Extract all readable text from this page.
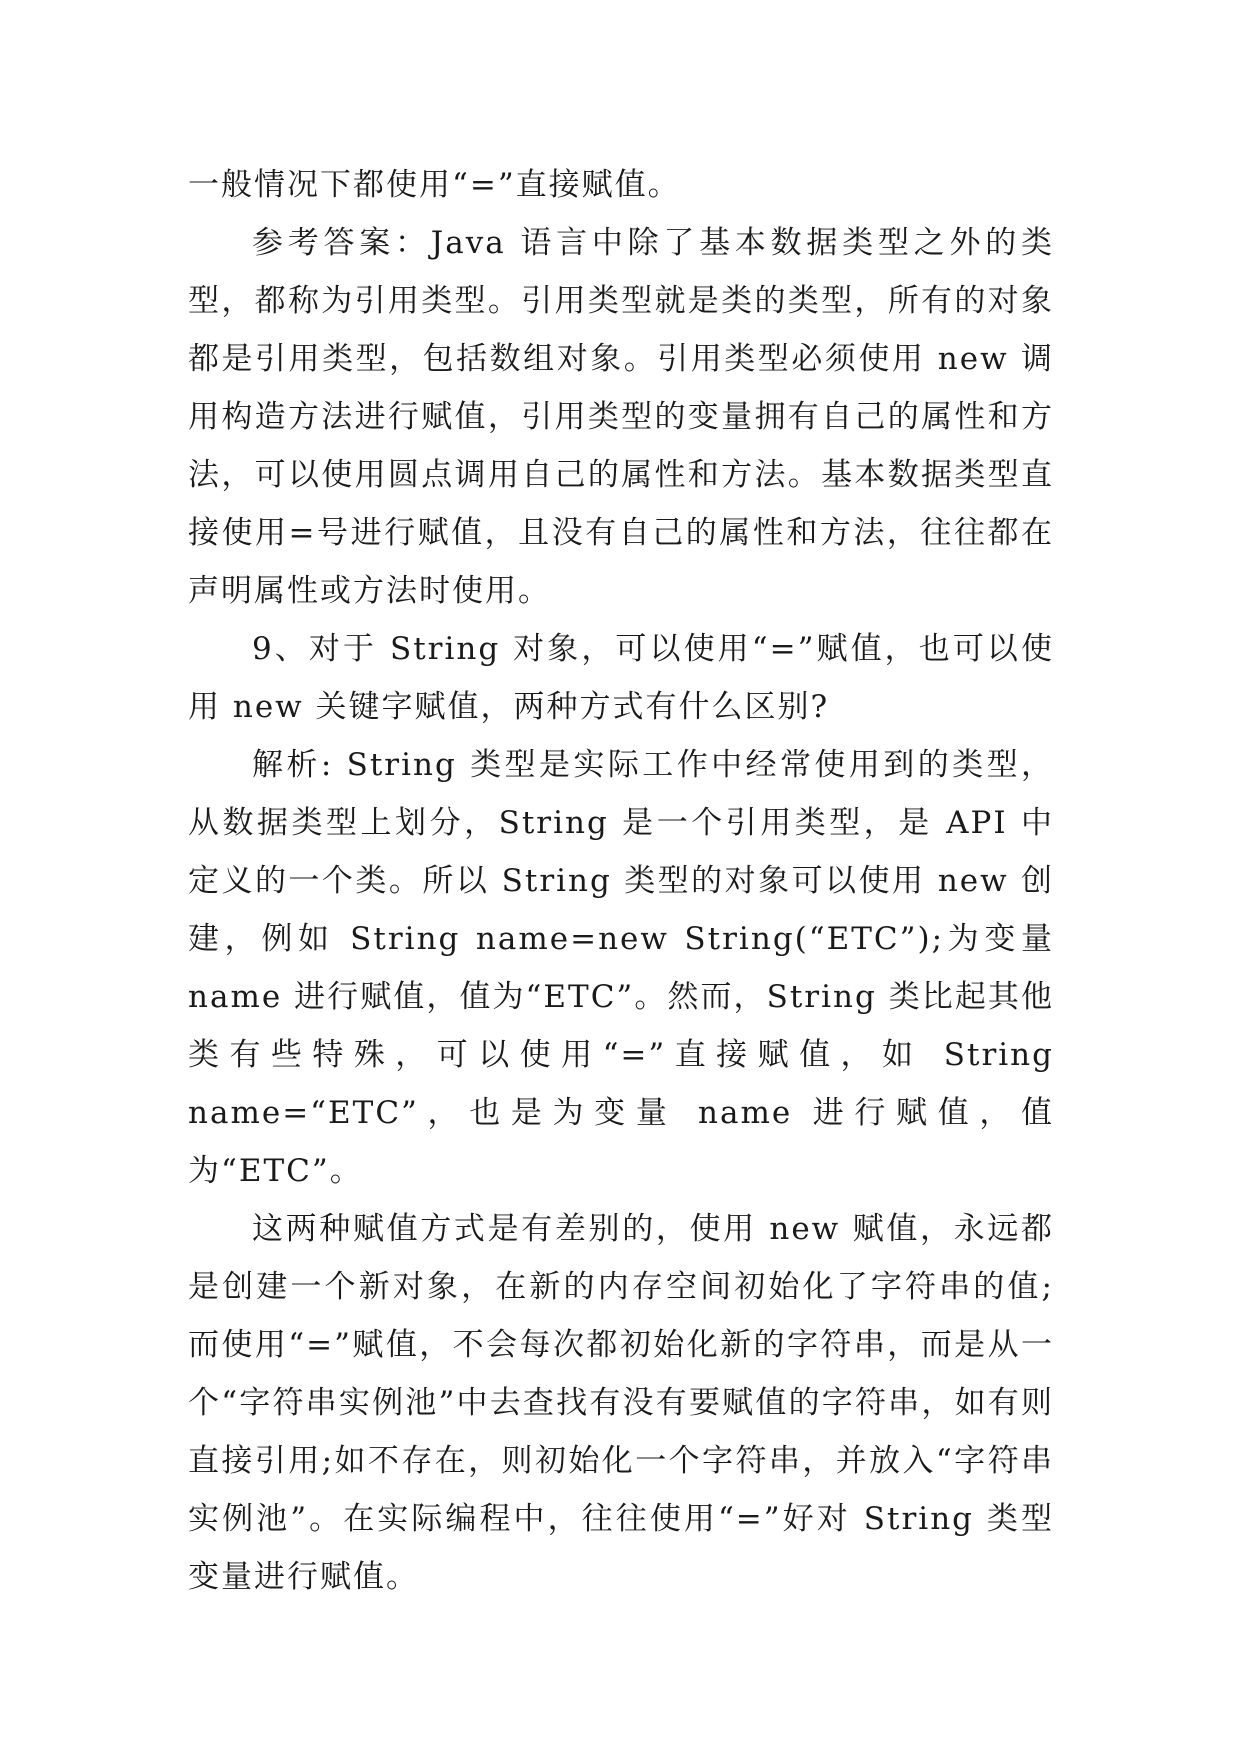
一般情况下都使用“=”直接赋值。

参考答案：Java 语言中除了基本数据类型之外的类型，都称为引用类型。引用类型就是类的类型，所有的对象都是引用类型，包括数组对象。引用类型必须使用 new 调用构造方法进行赋值，引用类型的变量拥有自己的属性和方法，可以使用圆点调用自己的属性和方法。基本数据类型直接使用=号进行赋值，且没有自己的属性和方法，往往都在声明属性或方法时使用。

9、对于 String 对象，可以使用“=”赋值，也可以使用 new 关键字赋值，两种方式有什么区别?

解析: String 类型是实际工作中经常使用到的类型，从数据类型上划分，String 是一个引用类型，是 API 中定义的一个类。所以 String 类型的对象可以使用 new 创建，例如 String name=new String(“ETC”);为变量 name 进行赋值，值为“ETC”。然而，String 类比起其他类有些特殊，可以使用“=”直接赋值，如 String name=“ETC”，也是为变量 name 进行赋值，值为“ETC”。

这两种赋值方式是有差别的，使用 new 赋值，永远都是创建一个新对象，在新的内存空间初始化了字符串的值;而使用“=”赋值，不会每次都初始化新的字符串，而是从一个“字符串实例池”中去查找有没有要赋值的字符串，如有则直接引用;如不存在，则初始化一个字符串，并放入“字符串实例池”。在实际编程中，往往使用“=”好对 String 类型变量进行赋值。
